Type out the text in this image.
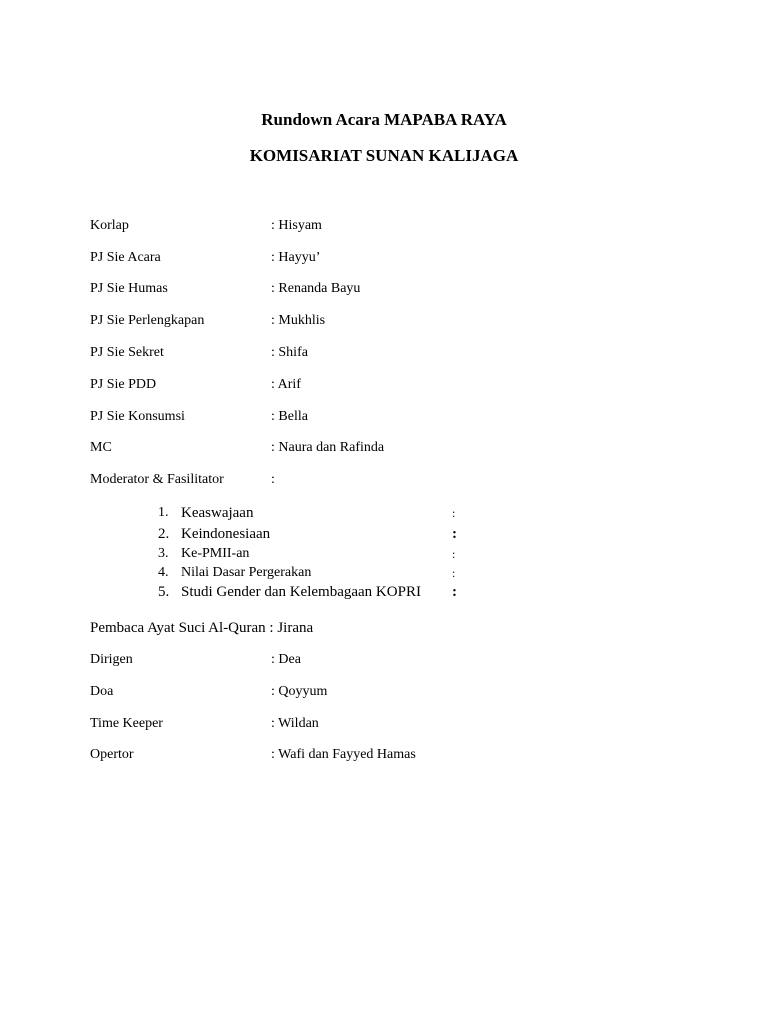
Rundown Acara MAPABA RAYA
KOMISARIAT SUNAN KALIJAGA
Korlap	: Hisyam
PJ Sie Acara	: Hayyu’
PJ Sie Humas	: Renanda Bayu
PJ Sie Perlengkapan	: Mukhlis
PJ Sie Sekret	: Shifa
PJ Sie PDD	: Arif
PJ Sie Konsumsi	: Bella
MC	: Naura dan Rafinda
Moderator & Fasilitator	:
1. Keaswajaan	:
2. Keindonesiaan	:
3. Ke-PMII-an	:
4. Nilai Dasar Pergerakan	:
5. Studi Gender dan Kelembagaan KOPRI :
Pembaca Ayat Suci Al-Quran : Jirana
Dirigen	: Dea
Doa	: Qoyyum
Time Keeper	: Wildan
Opertor	: Wafi dan Fayyed Hamas
